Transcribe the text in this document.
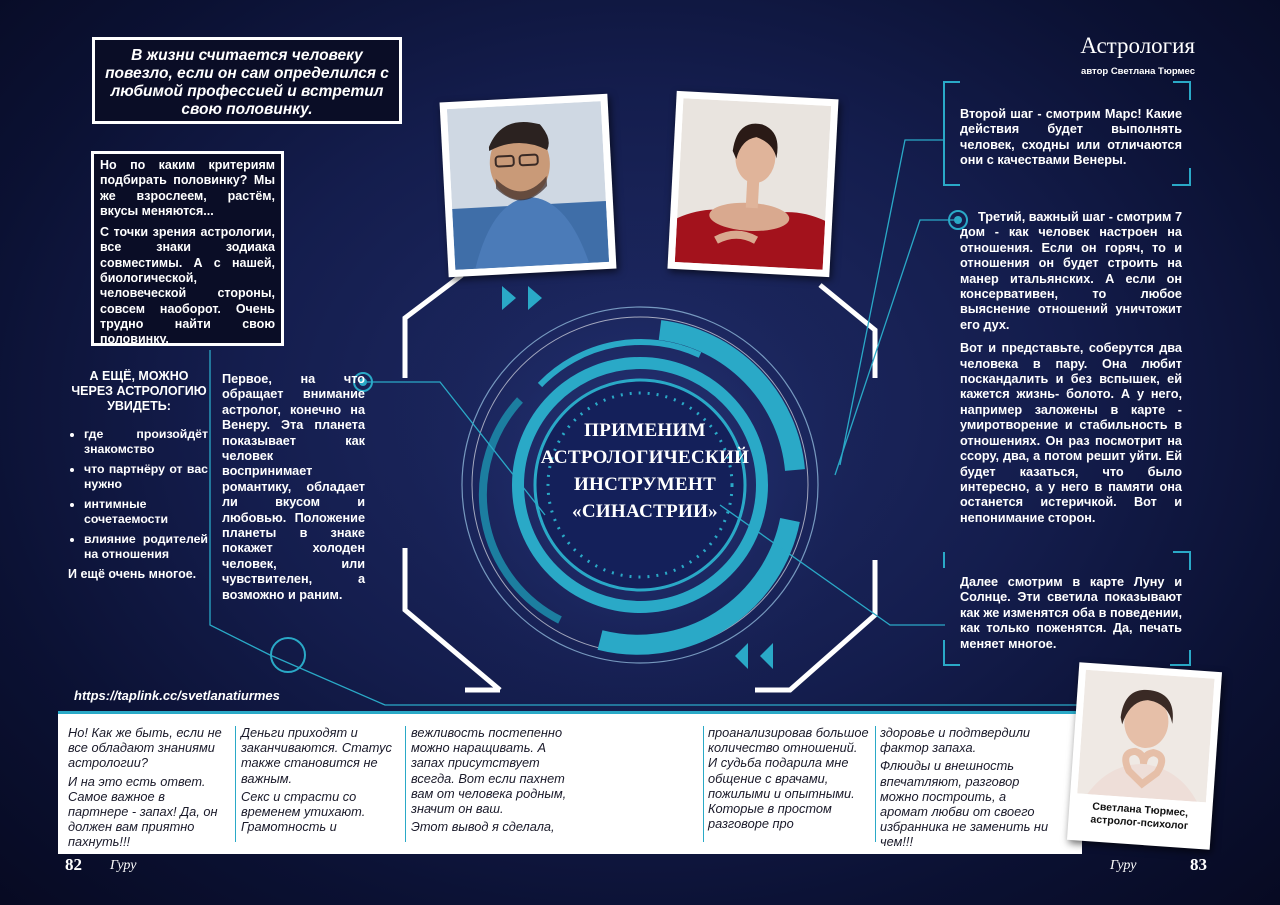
Астрология
автор Светлана Тюрмес
В жизни считается человеку повезло, если он сам определился с любимой профессией и встретил свою половинку.

Но по каким критериям подбирать половинку? Мы же взрослеем, растём, вкусы меняются...

С точки зрения астрологии, все знаки зодиака совместимы. А с нашей, биологической, человеческой стороны, совсем наоборот. Очень трудно найти свою половинку.

А ЕЩЁ, МОЖНО ЧЕРЕЗ АСТРОЛОГИЮ УВИДЕТЬ:
• где произойдёт знакомство
• что партнёру от вас нужно
• интимные сочетаемости
• влияние родителей на отношения
И ещё очень многое.
Первое, на что обращает внимание астролог, конечно на Венеру. Эта планета показывает как человек воспринимает романтику, обладает ли вкусом и любовью. Положение планеты в знаке покажет холоден человек, или чувствителен, а возможно и раним.
ПРИМЕНИМ
АСТРОЛОГИЧЕСКИЙ
ИНСТРУМЕНТ
«СИНАСТРИИ»
Второй шаг - смотрим Марс! Какие действия будет выполнять человек, сходны или отличаются они с качествами Венеры.

Третий, важный шаг - смотрим 7 дом - как человек настроен на отношения. Если он горяч, то и отношения он будет строить на манер итальянских. А если он консервативен, то любое выяснение отношений уничтожит его дух.

Вот и представьте, соберутся два человека в пару. Она любит поскандалить и без вспышек, ей кажется жизнь- болото. А у него, например заложены в карте - умиротворение и стабильность в отношениях. Он раз посмотрит на ссору, два, а потом решит уйти. Ей будет казаться, что было интересно, а у него в памяти она останется истеричкой. Вот и непонимание сторон.

Далее смотрим в карте Луну и Солнце. Эти светила показывают как же изменятся оба в поведении, как только поженятся. Да, печать меняет многое.
https://taplink.cc/svetlanatiurmes

Но! Как же быть, если не все обладают знаниями астрологии?

И на это есть ответ. Самое важное в партнере - запах! Да, он должен вам приятно пахнуть!!!

Деньги приходят и заканчиваются. Статус также становится не важным.

Секс и страсти со временем утихают. Грамотность и

вежливость постепенно можно наращивать. А запах присутствует всегда. Вот если пахнет вам от человека родным, значит он ваш.

Этот вывод я сделала,

проанализировав большое количество отношений. И судьба подарила мне общение с врачами, пожилыми и опытными. Которые в простом разговоре про

здоровье и подтвердили фактор запаха.

Флюиды и внешность впечатляют, разговор можно построить, а аромат любви от своего избранника не заменить ни чем!!!

Светлана Тюрмес, астролог-психолог
82 Гуру	Гуру	83
